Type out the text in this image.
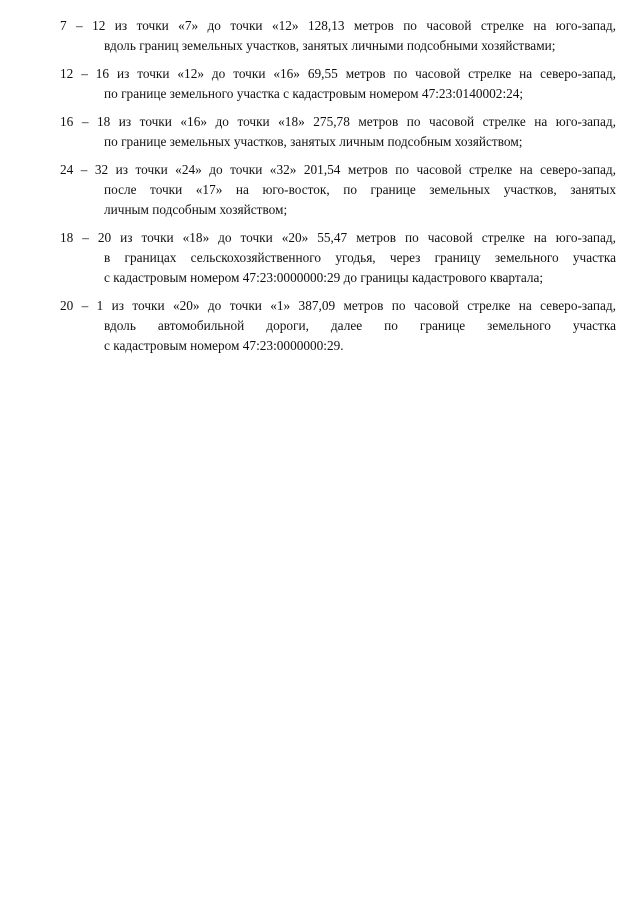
7 – 12 из точки «7» до точки «12» 128,13 метров по часовой стрелке на юго-запад,
вдоль границ земельных участков, занятых личными подсобными хозяйствами;
12 – 16 из точки «12» до точки «16» 69,55 метров по часовой стрелке на северо-запад,
по границе земельного участка с кадастровым номером 47:23:0140002:24;
16 – 18 из точки «16» до точки «18» 275,78 метров по часовой стрелке на юго-запад,
по границе земельных участков, занятых личным подсобным хозяйством;
24 – 32 из точки «24» до точки «32» 201,54 метров по часовой стрелке на северо-запад,
после точки «17» на юго-восток, по границе земельных участков, занятых
личным подсобным хозяйством;
18 – 20 из точки «18» до точки «20» 55,47 метров по часовой стрелке на юго-запад,
в границах сельскохозяйственного угодья, через границу земельного участка
с кадастровым номером 47:23:0000000:29 до границы кадастрового квартала;
20 – 1 из точки «20» до точки «1» 387,09 метров по часовой стрелке на северо-запад,
вдоль автомобильной дороги, далее по границе земельного участка
с кадастровым номером 47:23:0000000:29.
